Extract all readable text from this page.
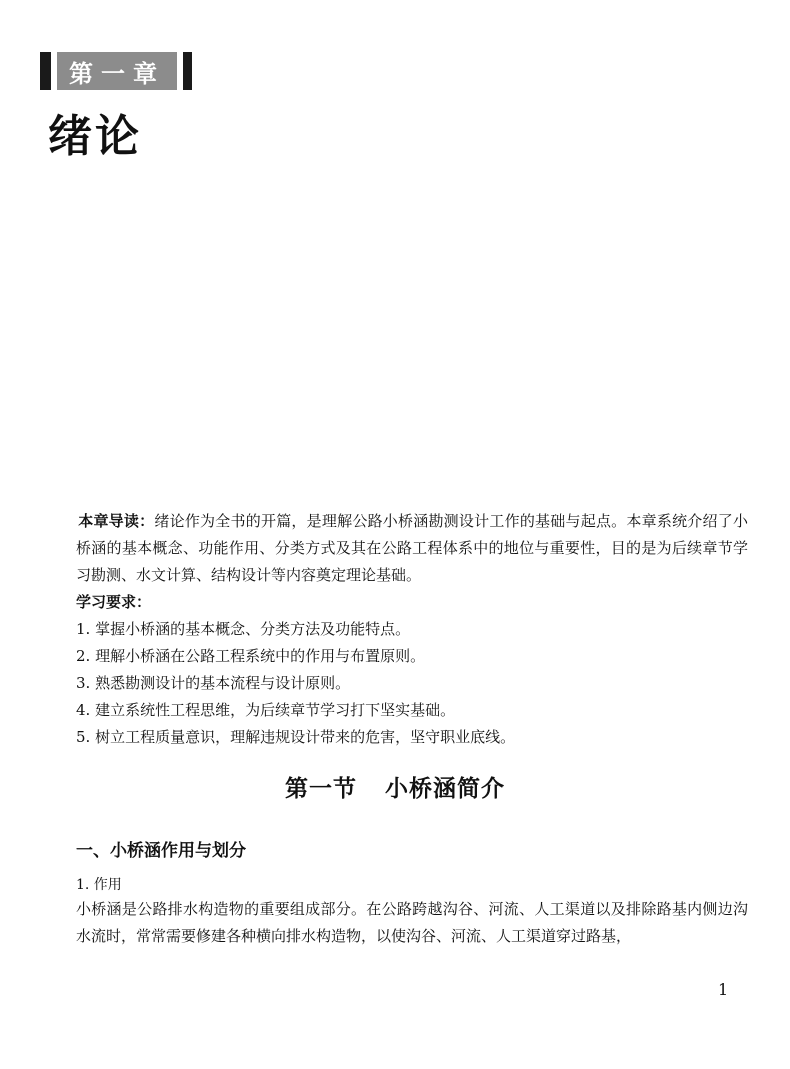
第一章
绪论
本章导读：绪论作为全书的开篇，是理解公路小桥涵勘测设计工作的基础与起点。本章系统介绍了小桥涵的基本概念、功能作用、分类方式及其在公路工程体系中的地位与重要性，目的是为后续章节学习勘测、水文计算、结构设计等内容奠定理论基础。
学习要求：
1. 掌握小桥涵的基本概念、分类方法及功能特点。
2. 理解小桥涵在公路工程系统中的作用与布置原则。
3. 熟悉勘测设计的基本流程与设计原则。
4. 建立系统性工程思维，为后续章节学习打下坚实基础。
5. 树立工程质量意识，理解违规设计带来的危害，坚守职业底线。
第一节 小桥涵简介
一、小桥涵作用与划分
1. 作用
小桥涵是公路排水构造物的重要组成部分。在公路跨越沟谷、河流、人工渠道以及排除路基内侧边沟水流时，常常需要修建各种横向排水构造物，以使沟谷、河流、人工渠道穿过路基，
1
